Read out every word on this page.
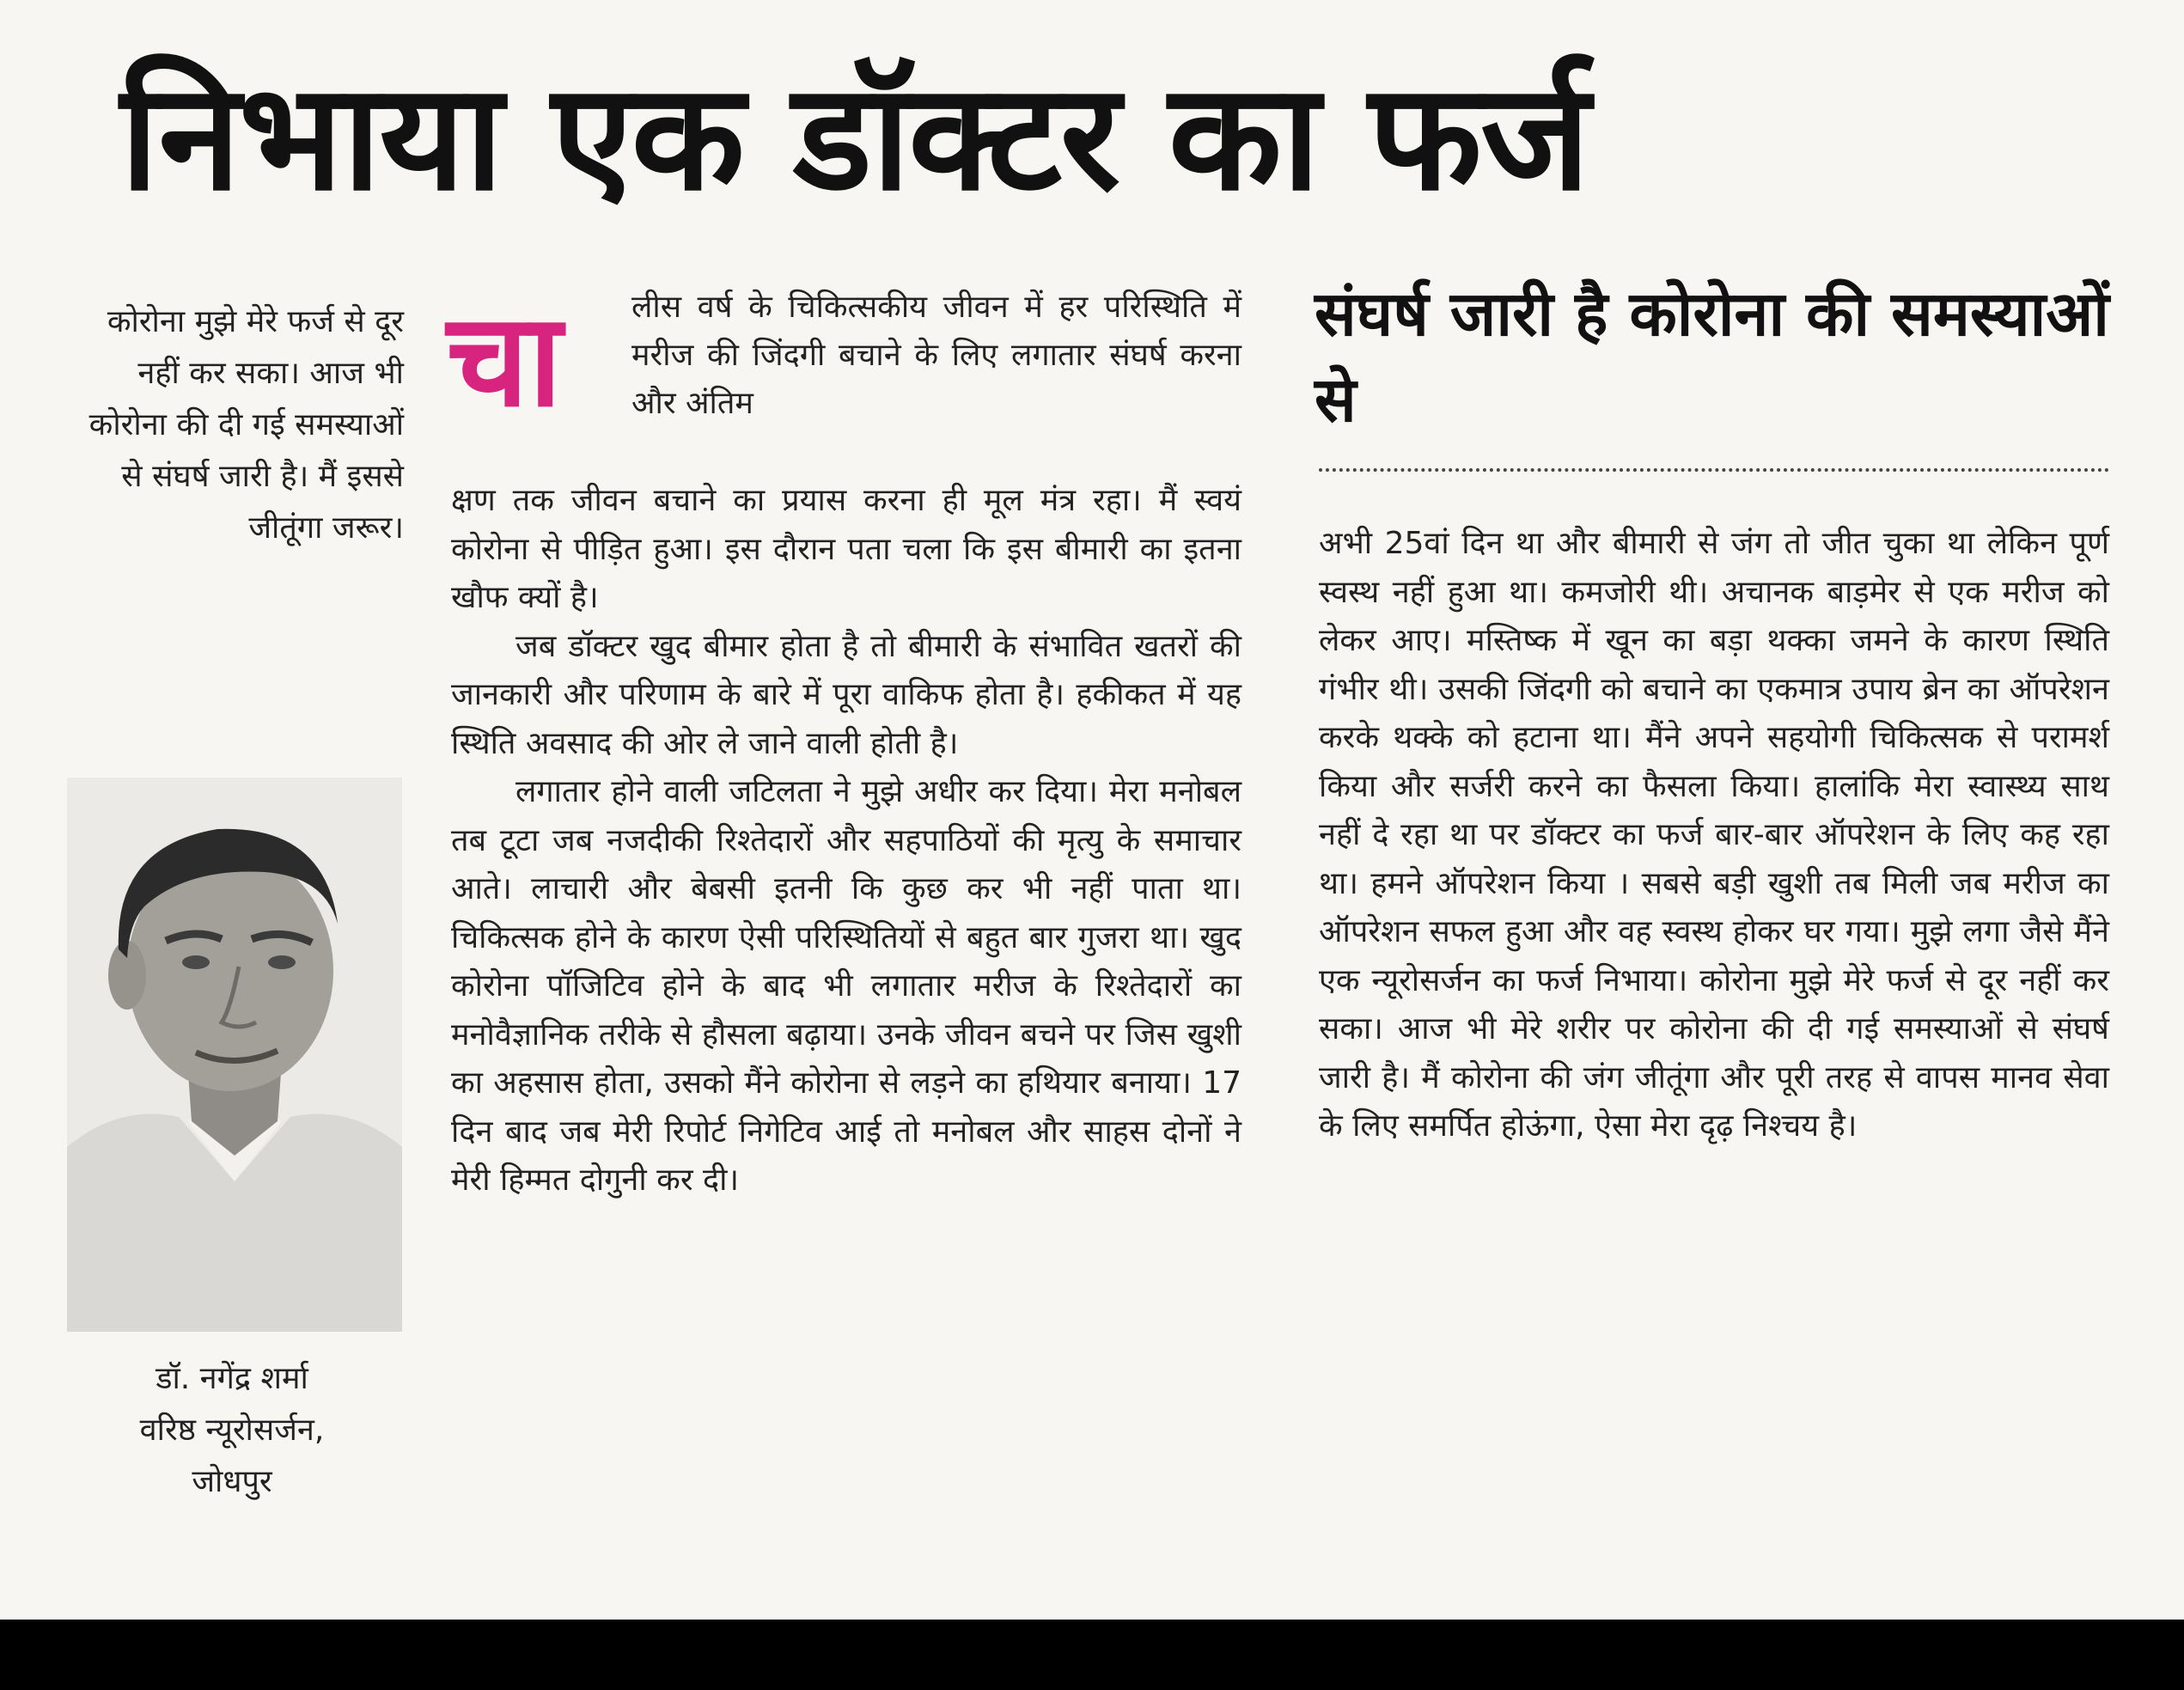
निभाया एक डॉक्टर का फर्ज

कोरोना मुझे मेरे फर्ज से दूर नहीं कर सका। आज भी कोरोना की दी गई समस्याओं से संघर्ष जारी है। मैं इससे जीतूंगा जरूर।

डॉ. नगेंद्र शर्मा
वरिष्ठ न्यूरोसर्जन,
जोधपुर
चा	लीस वर्ष के चिकित्सकीय जीवन में हर परिस्थिति में मरीज की जिंदगी बचाने के लिए लगातार संघर्ष करना और अंतिम

क्षण तक जीवन बचाने का प्रयास करना ही मूल मंत्र रहा। मैं स्वयं कोरोना से पीड़ित हुआ। इस दौरान पता चला कि इस बीमारी का इतना खौफ क्यों है।

जब डॉक्टर खुद बीमार होता है तो बीमारी के संभावित खतरों की जानकारी और परिणाम के बारे में पूरा वाकिफ होता है। हकीकत में यह स्थिति अवसाद की ओर ले जाने वाली होती है।

लगातार होने वाली जटिलता ने मुझे अधीर कर दिया। मेरा मनोबल तब टूटा जब नजदीकी रिश्तेदारों और सहपाठियों की मृत्यु के समाचार आते। लाचारी और बेबसी इतनी कि कुछ कर भी नहीं पाता था। चिकित्सक होने के कारण ऐसी परिस्थितियों से बहुत बार गुजरा था। खुद कोरोना पॉजिटिव होने के बाद भी लगातार मरीज के रिश्तेदारों का मनोवैज्ञानिक तरीके से हौसला बढ़ाया। उनके जीवन बचने पर जिस खुशी का अहसास होता, उसको मैंने कोरोना से लड़ने का हथियार बनाया। 17 दिन बाद जब मेरी रिपोर्ट निगेटिव आई तो मनोबल और साहस दोनों ने मेरी हिम्मत दोगुनी कर दी।

संघर्ष जारी है कोरोना की समस्याओं से

अभी 25वां दिन था और बीमारी से जंग तो जीत चुका था लेकिन पूर्ण स्वस्थ नहीं हुआ था। कमजोरी थी। अचानक बाड़मेर से एक मरीज को लेकर आए। मस्तिष्क में खून का बड़ा थक्का जमने के कारण स्थिति गंभीर थी। उसकी जिंदगी को बचाने का एकमात्र उपाय ब्रेन का ऑपरेशन करके थक्के को हटाना था। मैंने अपने सहयोगी चिकित्सक से परामर्श किया और सर्जरी करने का फैसला किया। हालांकि मेरा स्वास्थ्य साथ नहीं दे रहा था पर डॉक्टर का फर्ज बार-बार ऑपरेशन के लिए कह रहा था। हमने ऑपरेशन किया । सबसे बड़ी खुशी तब मिली जब मरीज का ऑपरेशन सफल हुआ और वह स्वस्थ होकर घर गया। मुझे लगा जैसे मैंने एक न्यूरोसर्जन का फर्ज निभाया। कोरोना मुझे मेरे फर्ज से दूर नहीं कर सका। आज भी मेरे शरीर पर कोरोना की दी गई समस्याओं से संघर्ष जारी है। मैं कोरोना की जंग जीतूंगा और पूरी तरह से वापस मानव सेवा के लिए समर्पित होऊंगा, ऐसा मेरा दृढ़ निश्चय है।
